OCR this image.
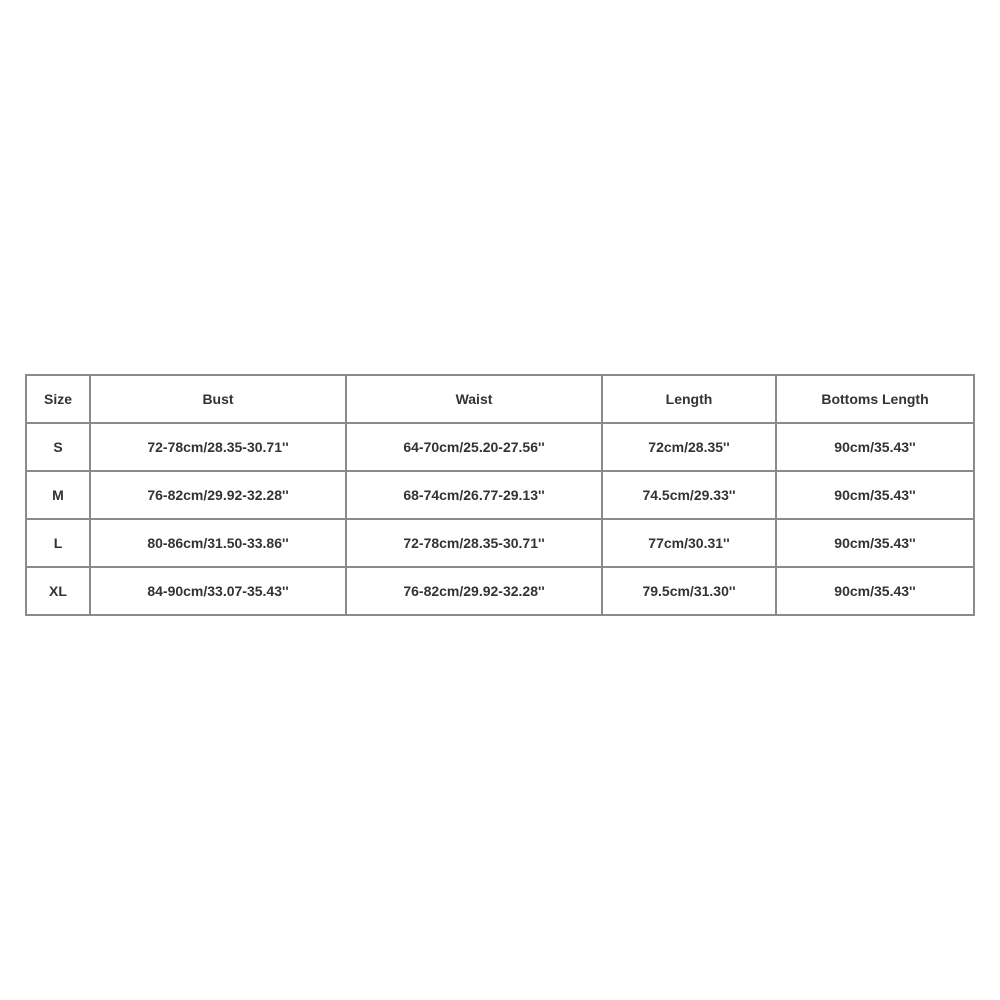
Size	Bust	Waist	Length	Bottoms Length
S	72-78cm/28.35-30.71''	64-70cm/25.20-27.56''	72cm/28.35''	90cm/35.43''
M	76-82cm/29.92-32.28''	68-74cm/26.77-29.13''	74.5cm/29.33''	90cm/35.43''
L	80-86cm/31.50-33.86''	72-78cm/28.35-30.71''	77cm/30.31''	90cm/35.43''
XL	84-90cm/33.07-35.43''	76-82cm/29.92-32.28''	79.5cm/31.30''	90cm/35.43''
